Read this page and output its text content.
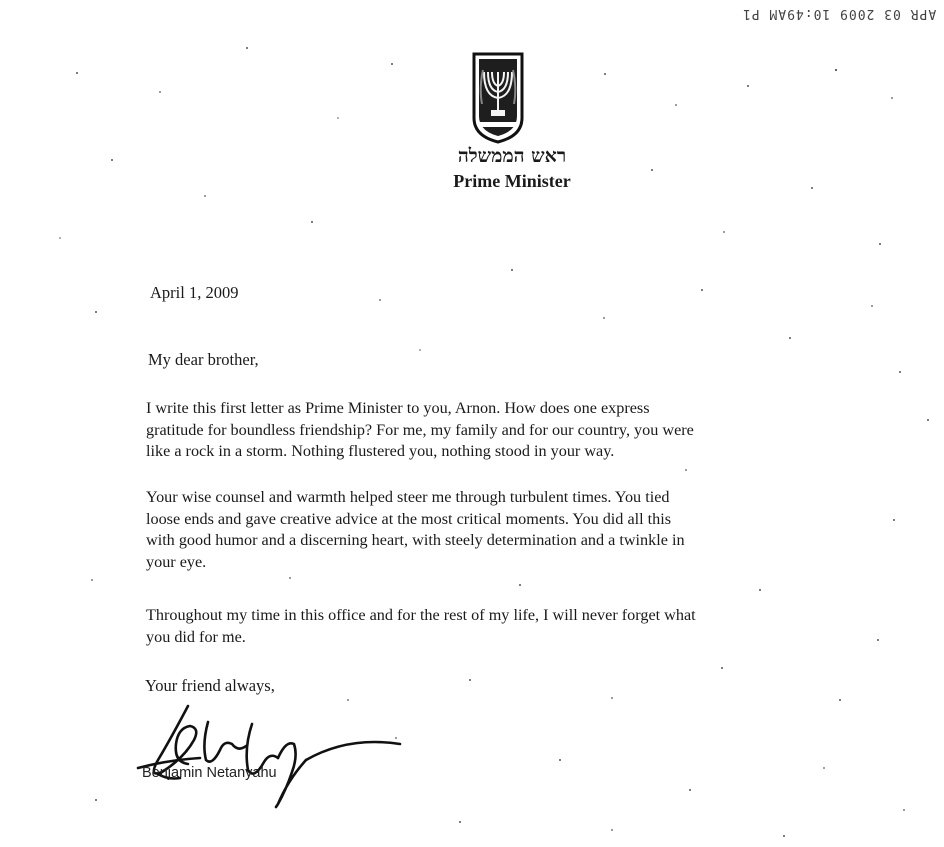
APR 03 2009 10:49AM P1
ראש הממשלה
Prime Minister
April 1, 2009
My dear brother,
I write this first letter as Prime Minister to you, Arnon. How does one express
gratitude for boundless friendship? For me, my family and for our country, you were
like a rock in a storm. Nothing flustered you, nothing stood in your way.
Your wise counsel and warmth helped steer me through turbulent times. You tied
loose ends and gave creative advice at the most critical moments. You did all this
with good humor and a discerning heart, with steely determination and a twinkle in
your eye.
Throughout my time in this office and for the rest of my life, I will never forget what
you did for me.
Your friend always,
Benjamin Netanyahu
